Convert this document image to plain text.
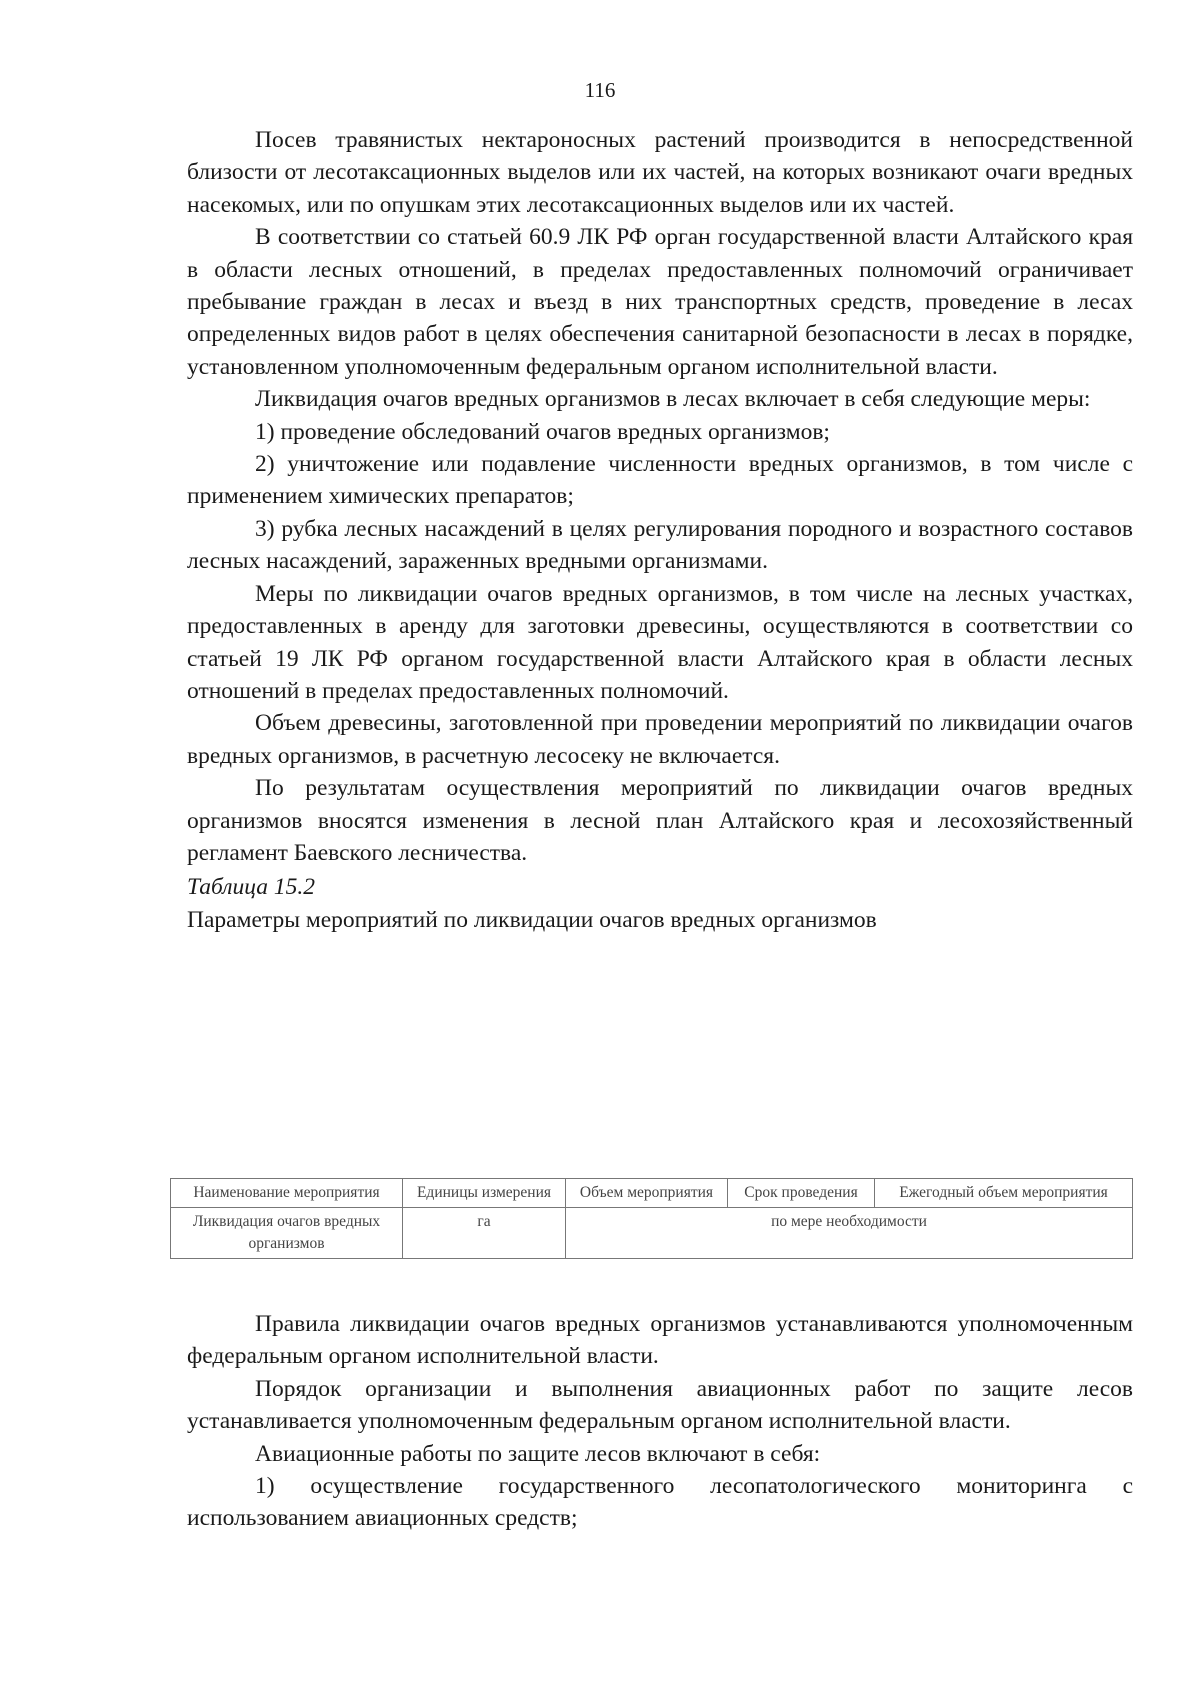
116

Посев травянистых нектароносных растений производится в непосредственной близости от лесотаксационных выделов или их частей, на которых возникают очаги вредных насекомых, или по опушкам этих лесотаксационных выделов или их частей.

В соответствии со статьей 60.9 ЛК РФ орган государственной власти Алтайского края в области лесных отношений, в пределах предоставленных полномочий ограничивает пребывание граждан в лесах и въезд в них транспортных средств, проведение в лесах определенных видов работ в целях обеспечения санитарной безопасности в лесах в порядке, установленном уполномоченным федеральным органом исполнительной власти.

Ликвидация очагов вредных организмов в лесах включает в себя следующие меры:

1) проведение обследований очагов вредных организмов;

2) уничтожение или подавление численности вредных организмов, в том числе с применением химических препаратов;

3) рубка лесных насаждений в целях регулирования породного и возрастного составов лесных насаждений, зараженных вредными организмами.

Меры по ликвидации очагов вредных организмов, в том числе на лесных участках, предоставленных в аренду для заготовки древесины, осуществляются в соответствии со статьей 19 ЛК РФ органом государственной власти Алтайского края в области лесных отношений в пределах предоставленных полномочий.

Объем древесины, заготовленной при проведении мероприятий по ликвидации очагов вредных организмов, в расчетную лесосеку не включается.

По результатам осуществления мероприятий по ликвидации очагов вредных организмов вносятся изменения в лесной план Алтайского края и лесохозяйственный регламент Баевского лесничества.

Таблица 15.2

Параметры мероприятий по ликвидации очагов вредных организмов

Наименование мероприятия	Единицы измерения	Объем мероприятия	Срок проведения	Ежегодный объем мероприятия
Ликвидация очагов вредных организмов	га	по мере необходимости		

Правила ликвидации очагов вредных организмов устанавливаются уполномоченным федеральным органом исполнительной власти.

Порядок организации и выполнения авиационных работ по защите лесов устанавливается уполномоченным федеральным органом исполнительной власти.

Авиационные работы по защите лесов включают в себя:

1) осуществление государственного лесопатологического мониторинга с использованием авиационных средств;
